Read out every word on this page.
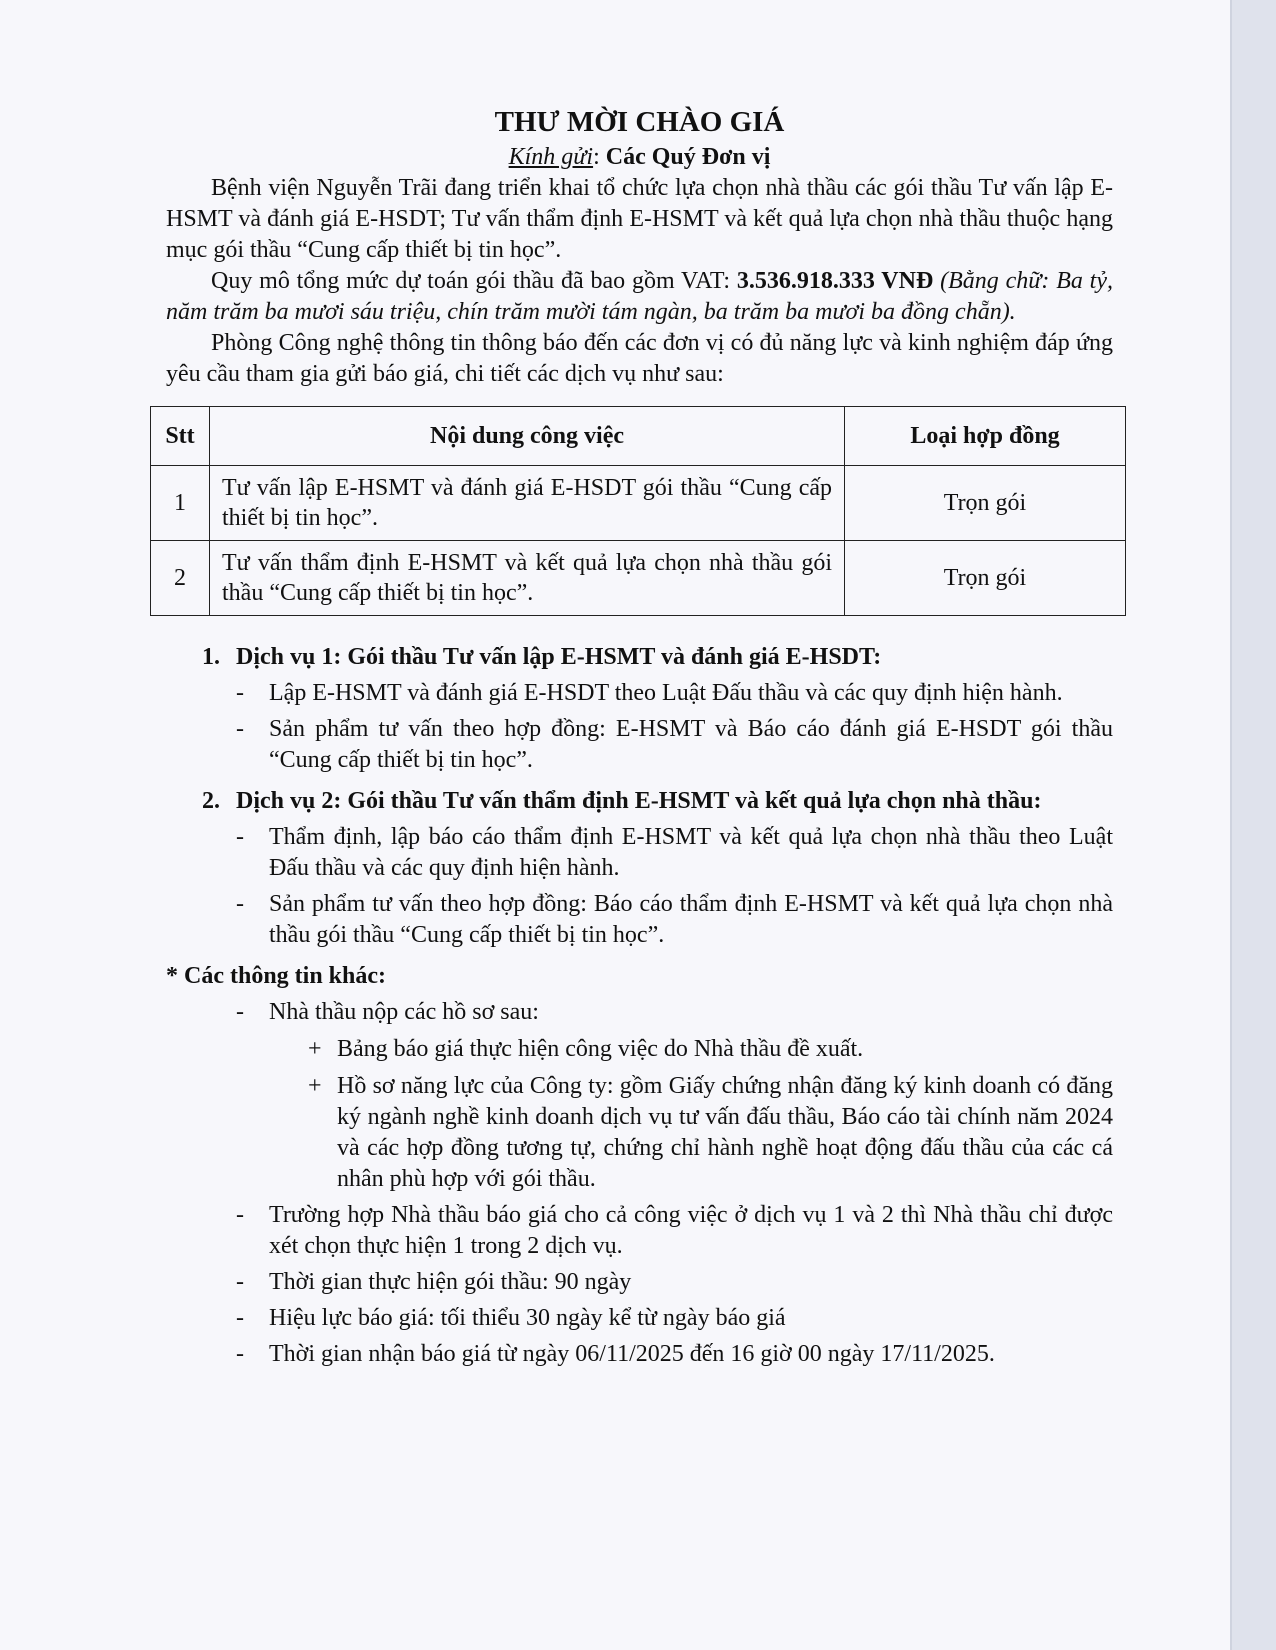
THƯ MỜI CHÀO GIÁ
Kính gửi: Các Quý Đơn vị

Bệnh viện Nguyễn Trãi đang triển khai tổ chức lựa chọn nhà thầu các gói thầu Tư vấn lập E-HSMT và đánh giá E-HSDT; Tư vấn thẩm định E-HSMT và kết quả lựa chọn nhà thầu thuộc hạng mục gói thầu “Cung cấp thiết bị tin học”.

Quy mô tổng mức dự toán gói thầu đã bao gồm VAT: 3.536.918.333 VNĐ (Bằng chữ: Ba tỷ, năm trăm ba mươi sáu triệu, chín trăm mười tám ngàn, ba trăm ba mươi ba đồng chẵn).

Phòng Công nghệ thông tin thông báo đến các đơn vị có đủ năng lực và kinh nghiệm đáp ứng yêu cầu tham gia gửi báo giá, chi tiết các dịch vụ như sau:

Stt	Nội dung công việc	Loại hợp đồng
1	Tư vấn lập E-HSMT và đánh giá E-HSDT gói thầu “Cung cấp thiết bị tin học”.	Trọn gói
2	Tư vấn thẩm định E-HSMT và kết quả lựa chọn nhà thầu gói thầu “Cung cấp thiết bị tin học”.	Trọn gói
1. Dịch vụ 1: Gói thầu Tư vấn lập E-HSMT và đánh giá E-HSDT:
-	Lập E-HSMT và đánh giá E-HSDT theo Luật Đấu thầu và các quy định hiện hành.
-	Sản phẩm tư vấn theo hợp đồng: E-HSMT và Báo cáo đánh giá E-HSDT gói thầu “Cung cấp thiết bị tin học”.
2. Dịch vụ 2: Gói thầu Tư vấn thẩm định E-HSMT và kết quả lựa chọn nhà thầu:
-	Thẩm định, lập báo cáo thẩm định E-HSMT và kết quả lựa chọn nhà thầu theo Luật Đấu thầu và các quy định hiện hành.
-	Sản phẩm tư vấn theo hợp đồng: Báo cáo thẩm định E-HSMT và kết quả lựa chọn nhà thầu gói thầu “Cung cấp thiết bị tin học”.
* Các thông tin khác:
-	Nhà thầu nộp các hồ sơ sau:
+ Bảng báo giá thực hiện công việc do Nhà thầu đề xuất.
+ Hồ sơ năng lực của Công ty: gồm Giấy chứng nhận đăng ký kinh doanh có đăng ký ngành nghề kinh doanh dịch vụ tư vấn đấu thầu, Báo cáo tài chính năm 2024 và các hợp đồng tương tự, chứng chỉ hành nghề hoạt động đấu thầu của các cá nhân phù hợp với gói thầu.
-	Trường hợp Nhà thầu báo giá cho cả công việc ở dịch vụ 1 và 2 thì Nhà thầu chỉ được xét chọn thực hiện 1 trong 2 dịch vụ.
-	Thời gian thực hiện gói thầu: 90 ngày
-	Hiệu lực báo giá: tối thiểu 30 ngày kể từ ngày báo giá
-	Thời gian nhận báo giá từ ngày 06/11/2025 đến 16 giờ 00 ngày 17/11/2025.
